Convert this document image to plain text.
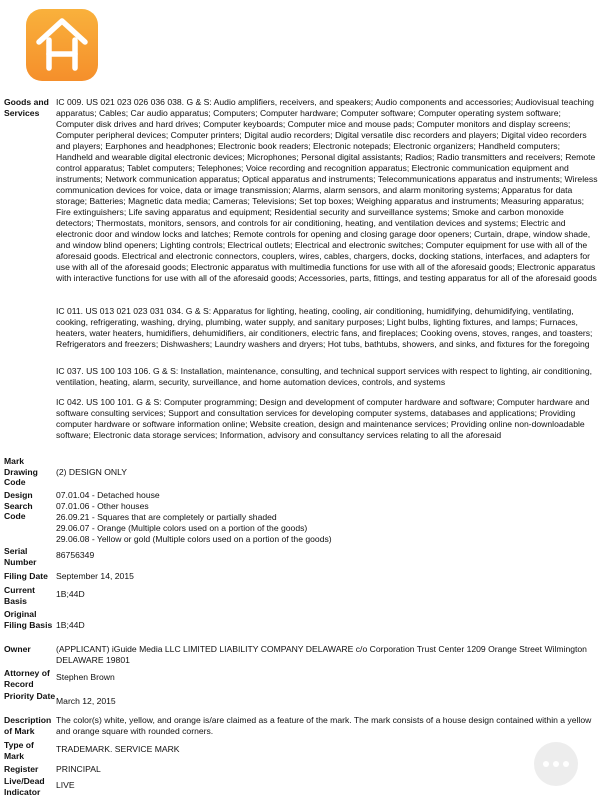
Goods and Services

IC 009. US 021 023 026 036 038. G & S: Audio amplifiers, receivers, and speakers; Audio components and accessories; Audiovisual teaching apparatus; Cables; Car audio apparatus; Computers; Computer hardware; Computer software; Computer operating system software; Computer disk drives and hard drives; Computer keyboards; Computer mice and mouse pads; Computer monitors and display screens; Computer peripheral devices; Computer printers; Digital audio recorders; Digital versatile disc recorders and players; Digital video recorders and players; Earphones and headphones; Electronic book readers; Electronic notepads; Electronic organizers; Handheld computers; Handheld and wearable digital electronic devices; Microphones; Personal digital assistants; Radios; Radio transmitters and receivers; Remote control apparatus; Tablet computers; Telephones; Voice recording and recognition apparatus; Electronic communication equipment and instruments; Network communication apparatus; Optical apparatus and instruments; Telecommunications apparatus and instruments; Wireless communication devices for voice, data or image transmission; Alarms, alarm sensors, and alarm monitoring systems; Apparatus for data storage; Batteries; Magnetic data media; Cameras; Televisions; Set top boxes; Weighing apparatus and instruments; Measuring apparatus; Fire extinguishers; Life saving apparatus and equipment; Residential security and surveillance systems; Smoke and carbon monoxide detectors; Thermostats, monitors, sensors, and controls for air conditioning, heating, and ventilation devices and systems; Electric and electronic door and window locks and latches; Remote controls for opening and closing garage door openers; Curtain, drape, window shade, and window blind openers; Lighting controls; Electrical outlets; Electrical and electronic switches; Computer equipment for use with all of the aforesaid goods. Electrical and electronic connectors, couplers, wires, cables, chargers, docks, docking stations, interfaces, and adapters for use with all of the aforesaid goods; Electronic apparatus with multimedia functions for use with all of the aforesaid goods; Electronic apparatus with interactive functions for use with all of the aforesaid goods; Accessories, parts, fittings, and testing apparatus for all of the aforesaid goods

IC 011. US 013 021 023 031 034. G & S: Apparatus for lighting, heating, cooling, air conditioning, humidifying, dehumidifying, ventilating, cooking, refrigerating, washing, drying, plumbing, water supply, and sanitary purposes; Light bulbs, lighting fixtures, and lamps; Furnaces, heaters, water heaters, humidifiers, dehumidifiers, air conditioners, electric fans, and fireplaces; Cooking ovens, stoves, ranges, and toasters; Refrigerators and freezers; Dishwashers; Laundry washers and dryers; Hot tubs, bathtubs, showers, and sinks, and fixtures for the foregoing

IC 037. US 100 103 106. G & S: Installation, maintenance, consulting, and technical support services with respect to lighting, air conditioning, ventilation, heating, alarm, security, surveillance, and home automation devices, controls, and systems

IC 042. US 100 101. G & S: Computer programming; Design and development of computer hardware and software; Computer hardware and software consulting services; Support and consultation services for developing computer systems, databases and applications; Providing computer hardware or software information online; Website creation, design and maintenance services; Providing online non-downloadable software; Electronic data storage services; Information, advisory and consultancy services relating to all the aforesaid

Mark Drawing Code
(2) DESIGN ONLY
Design Search Code

07.01.04 - Detached house

07.01.06 - Other houses

26.09.21 - Squares that are completely or partially shaded

29.06.07 - Orange (Multiple colors used on a portion of the goods)

29.06.08 - Yellow or gold (Multiple colors used on a portion of the goods)

Serial Number
86756349
Filing Date September 14, 2015
Current Basis
1B;44D
Original Filing Basis 1B;44D
Owner	(APPLICANT) iGuide Media LLC LIMITED LIABILITY COMPANY DELAWARE c/o Corporation Trust Center 1209 Orange Street Wilmington DELAWARE 19801
Attorney of Record
Stephen Brown
Priority Date March 12, 2015
Description of Mark
The color(s) white, yellow, and orange is/are claimed as a feature of the mark. The mark consists of a house design contained within a yellow and orange square with rounded corners.
Type of Mark
TRADEMARK. SERVICE MARK
Register	PRINCIPAL
Live/Dead Indicator
LIVE
